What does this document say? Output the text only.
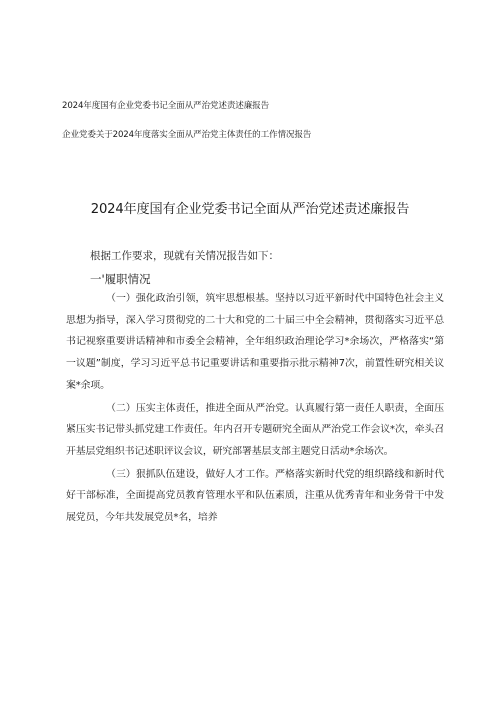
2024年度国有企业党委书记全面从严治党述责述廉报告
企业党委关于2024年度落实全面从严治党主体责任的工作情况报告
2024年度国有企业党委书记全面从严治党述责述廉报告
根据工作要求，现就有关情况报告如下：
一'履职情况

（一）强化政治引领，筑牢思想根基。坚持以习近平新时代中国特色社会主义思想为指导，深入学习贯彻党的二十大和党的二十届三中全会精神，贯彻落实习近平总书记视察重要讲话精神和市委全会精神，全年组织政治理论学习*余场次，严格落实“第一议题”制度，学习习近平总书记重要讲话和重要指示批示精神7次，前置性研究相关议案*余项。

（二）压实主体责任，推进全面从严治党。认真履行第一责任人职责，全面压紧压实书记带头抓党建工作责任。年内召开专题研究全面从严治党工作会议*次，牵头召开基层党组织书记述职评议会议，研究部署基层支部主题党日活动*余场次。

（三）狠抓队伍建设，做好人才工作。严格落实新时代党的组织路线和新时代好干部标准，全面提高党员教育管理水平和队伍素质，注重从优秀青年和业务骨干中发展党员，今年共发展党员*名，培养
